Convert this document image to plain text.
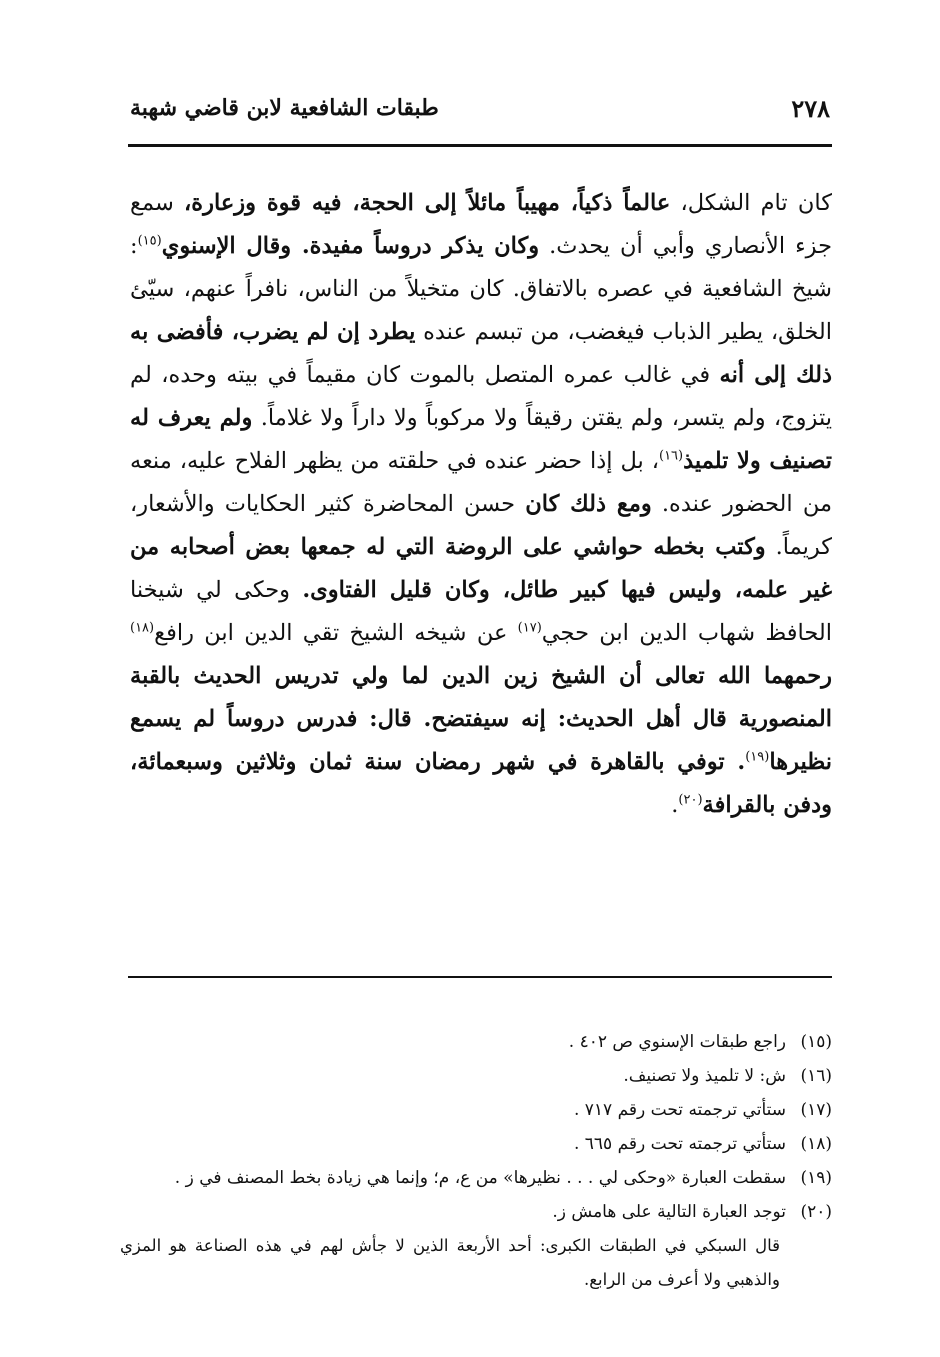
٢٧٨
طبقات الشافعية لابن قاضي شهبة

كان تام الشكل، عالماً ذكياً، مهيباً مائلاً إلى الحجة، فيه قوة وزعارة، سمع جزء الأنصاري وأبي أن يحدث. وكان يذكر دروساً مفيدة. وقال الإسنوي$^{(١٥)}$: شيخ الشافعية في عصره بالاتفاق. كان متخيلاً من الناس، نافراً عنهم، سيّئ الخلق، يطير الذباب فيغضب، من تبسم عنده يطرد إن لم يضرب، فأفضى به ذلك إلى أنه في غالب عمره المتصل بالموت كان مقيماً في بيته وحده، لم يتزوج، ولم يتسر، ولم يقتن رقيقاً ولا مركوباً ولا داراً ولا غلاماً. ولم يعرف له تصنيف ولا تلميذ$^{(١٦)}$، بل إذا حضر عنده في حلقته من يظهر الفلاح عليه، منعه من الحضور عنده. ومع ذلك كان حسن المحاضرة كثير الحكايات والأشعار، كريماً. وكتب بخطه حواشي على الروضة التي له جمعها بعض أصحابه من غير علمه، وليس فيها كبير طائل، وكان قليل الفتاوى. وحكى لي شيخنا الحافظ شهاب الدين ابن حجي$^{(١٧)}$ عن شيخه الشيخ تقي الدين ابن رافع$^{(١٨)}$ رحمهما الله تعالى أن الشيخ زين الدين لما ولي تدريس الحديث بالقبة المنصورية قال أهل الحديث: إنه سيفتضح. قال: فدرس دروساً لم يسمع نظيرها$^{(١٩)}$. توفي بالقاهرة في شهر رمضان سنة ثمان وثلاثين وسبعمائة، ودفن بالقرافة$^{(٢٠)}$.

(١٥)
راجع طبقات الإسنوي ص ٤٠٢ .
(١٦)
ش: لا تلميذ ولا تصنيف.
(١٧)
ستأتي ترجمته تحت رقم ٧١٧ .
(١٨)
ستأتي ترجمته تحت رقم ٦٦٥ .
(١٩)
سقطت العبارة «وحكى لي . . . نظيرها» من ع، م؛ وإنما هي زيادة بخط المصنف في ز .
(٢٠)
توجد العبارة التالية على هامش ز.
قال السبكي في الطبقات الكبرى: أحد الأربعة الذين لا جأش لهم في هذه الصناعة هو المزي والذهبي ولا أعرف من الرابع.
